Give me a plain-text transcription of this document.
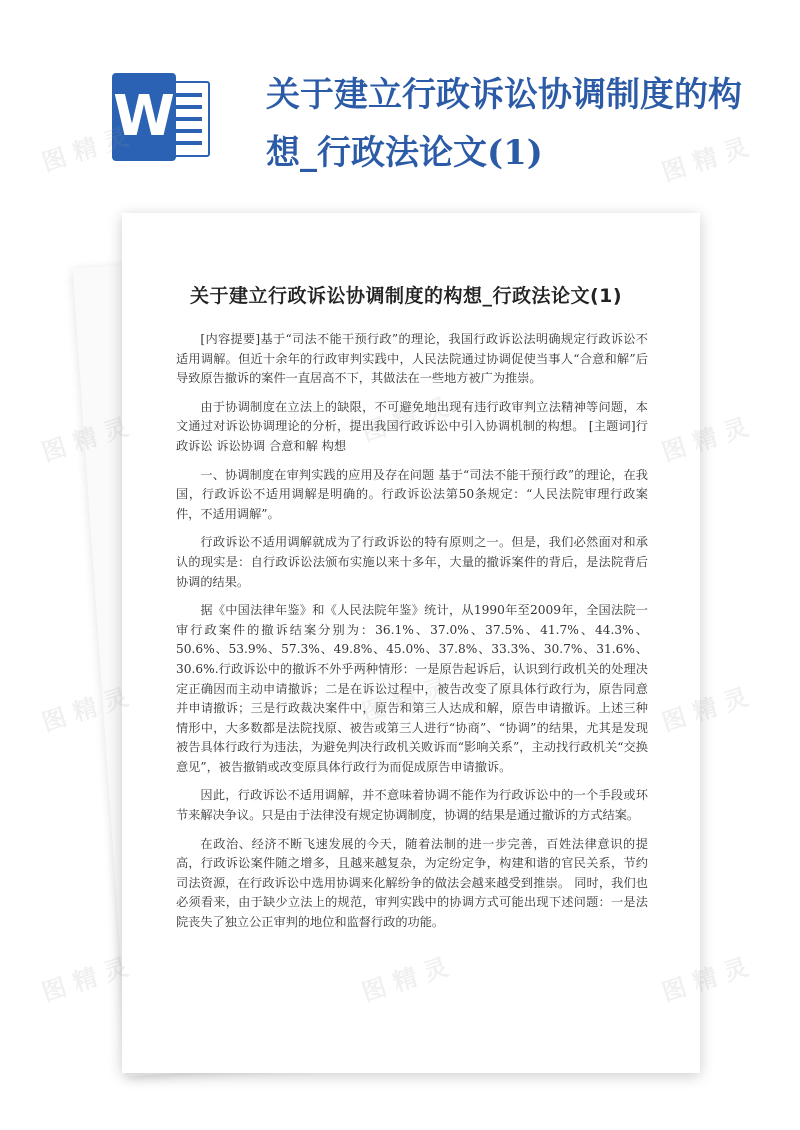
W	关于建立行政诉讼协调制度的构想_行政法论文(1)
关于建立行政诉讼协调制度的构想_行政法论文(1)

[内容提要]基于“司法不能干预行政”的理论，我国行政诉讼法明确规定行政诉讼不适用调解。但近十余年的行政审判实践中，人民法院通过协调促使当事人“合意和解”后导致原告撤诉的案件一直居高不下，其做法在一些地方被广为推崇。

由于协调制度在立法上的缺限，不可避免地出现有违行政审判立法精神等问题，本文通过对诉讼协调理论的分析，提出我国行政诉讼中引入协调机制的构想。 [主题词]行政诉讼 诉讼协调 合意和解 构想

一、协调制度在审判实践的应用及存在问题 基于“司法不能干预行政”的理论，在我国，行政诉讼不适用调解是明确的。行政诉讼法第50条规定：“人民法院审理行政案件，不适用调解”。

行政诉讼不适用调解就成为了行政诉讼的特有原则之一。但是，我们必然面对和承认的现实是：自行政诉讼法颁布实施以来十多年，大量的撤诉案件的背后，是法院背后协调的结果。

据《中国法律年鉴》和《人民法院年鉴》统计，从1990年至2009年，全国法院一审行政案件的撤诉结案分别为：36.1%、37.0%、37.5%、41.7%、44.3%、50.6%、53.9%、57.3%、49.8%、45.0%、37.8%、33.3%、30.7%、31.6%、30.6%.行政诉讼中的撤诉不外乎两种情形：一是原告起诉后，认识到行政机关的处理决定正确因而主动申请撤诉；二是在诉讼过程中，被告改变了原具体行政行为，原告同意并申请撤诉；三是行政裁决案件中，原告和第三人达成和解，原告申请撤诉。上述三种情形中，大多数都是法院找原、被告或第三人进行“协商”、“协调”的结果，尤其是发现被告具体行政行为违法，为避免判决行政机关败诉而“影响关系”，主动找行政机关“交换意见”，被告撤销或改变原具体行政行为而促成原告申请撤诉。

因此，行政诉讼不适用调解，并不意味着协调不能作为行政诉讼中的一个手段或环节来解决争议。只是由于法律没有规定协调制度，协调的结果是通过撤诉的方式结案。

在政治、经济不断飞速发展的今天，随着法制的进一步完善，百姓法律意识的提高，行政诉讼案件随之增多，且越来越复杂，为定纷定争，构建和谐的官民关系，节约司法资源，在行政诉讼中选用协调来化解纷争的做法会越来越受到推崇。 同时，我们也必须看来，由于缺少立法上的规范，审判实践中的协调方式可能出现下述问题：一是法院丧失了独立公正审判的地位和监督行政的功能。

图 精 灵	图 精 灵
图	图 精 灵
图 精 灵	图 精 灵
图 精 灵	图 精 灵
